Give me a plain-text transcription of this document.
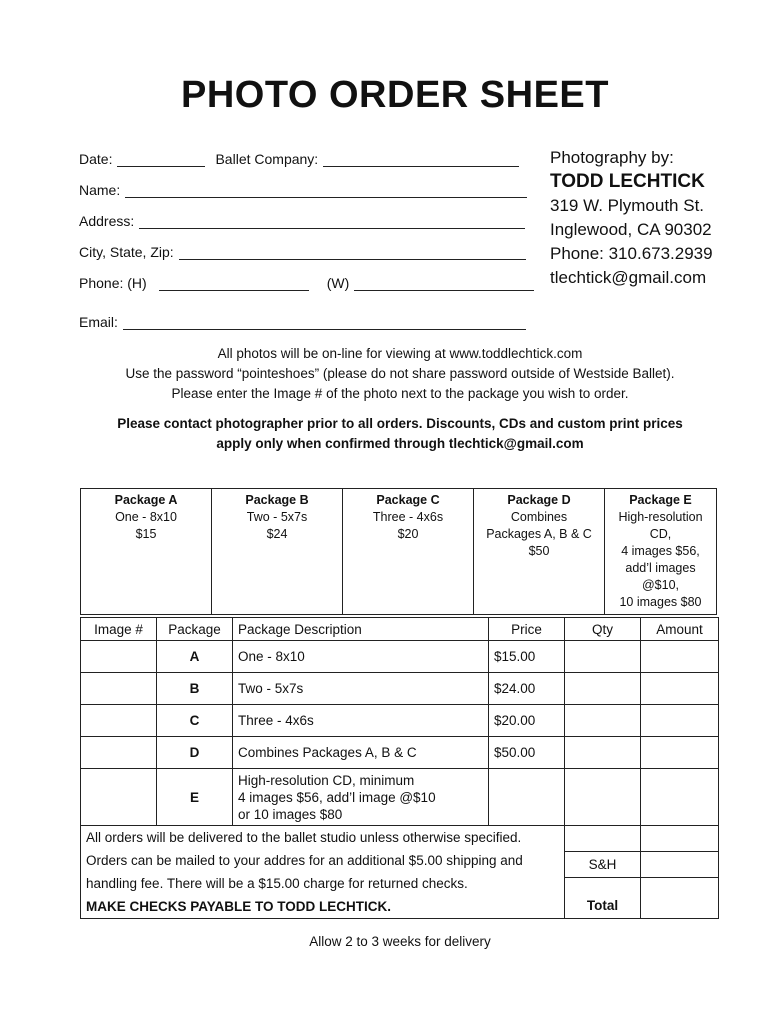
PHOTO ORDER SHEET
Date:	Ballet Company:
Name:
Address:
City, State, Zip:
Phone: (H)	(W)
Email:
Photography by:
TODD LECHTICK
319 W. Plymouth St.
Inglewood, CA 90302
Phone: 310.673.2939
tlechtick@gmail.com
All photos will be on-line for viewing at www.toddlechtick.com
Use the password “pointeshoes” (please do not share password outside of Westside Ballet).
Please enter the Image # of the photo next to the package you wish to order.
Please contact photographer prior to all orders. Discounts, CDs and custom print prices
apply only when confirmed through tlechtick@gmail.com
Package A
One - 8x10
$15

Package B
Two - 5x7s
$24

Package C
Three - 4x6s
$20

Package D
Combines
Packages A, B & C
$50

Package E
High-resolution CD,
4 images $56,
add’l images @$10,
10 images $80
Image #	Package	Package Description	Price	Qty	Amount
	A	One - 8x10	$15.00		
	B	Two - 5x7s	$24.00		
	C	Three - 4x6s	$20.00		
	D	Combines Packages A, B & C	$50.00		
	E	High-resolution CD, minimum
4 images $56, add’l image @$10
or 10 images $80			

All orders will be delivered to the ballet studio unless otherwise specified.
Orders can be mailed to your addres for an additional $5.00 shipping and
handling fee. There will be a $15.00 charge for returned checks.
MAKE CHECKS PAYABLE TO TODD LECHTICK.					

				S&H	

				Total	
Allow 2 to 3 weeks for delivery
